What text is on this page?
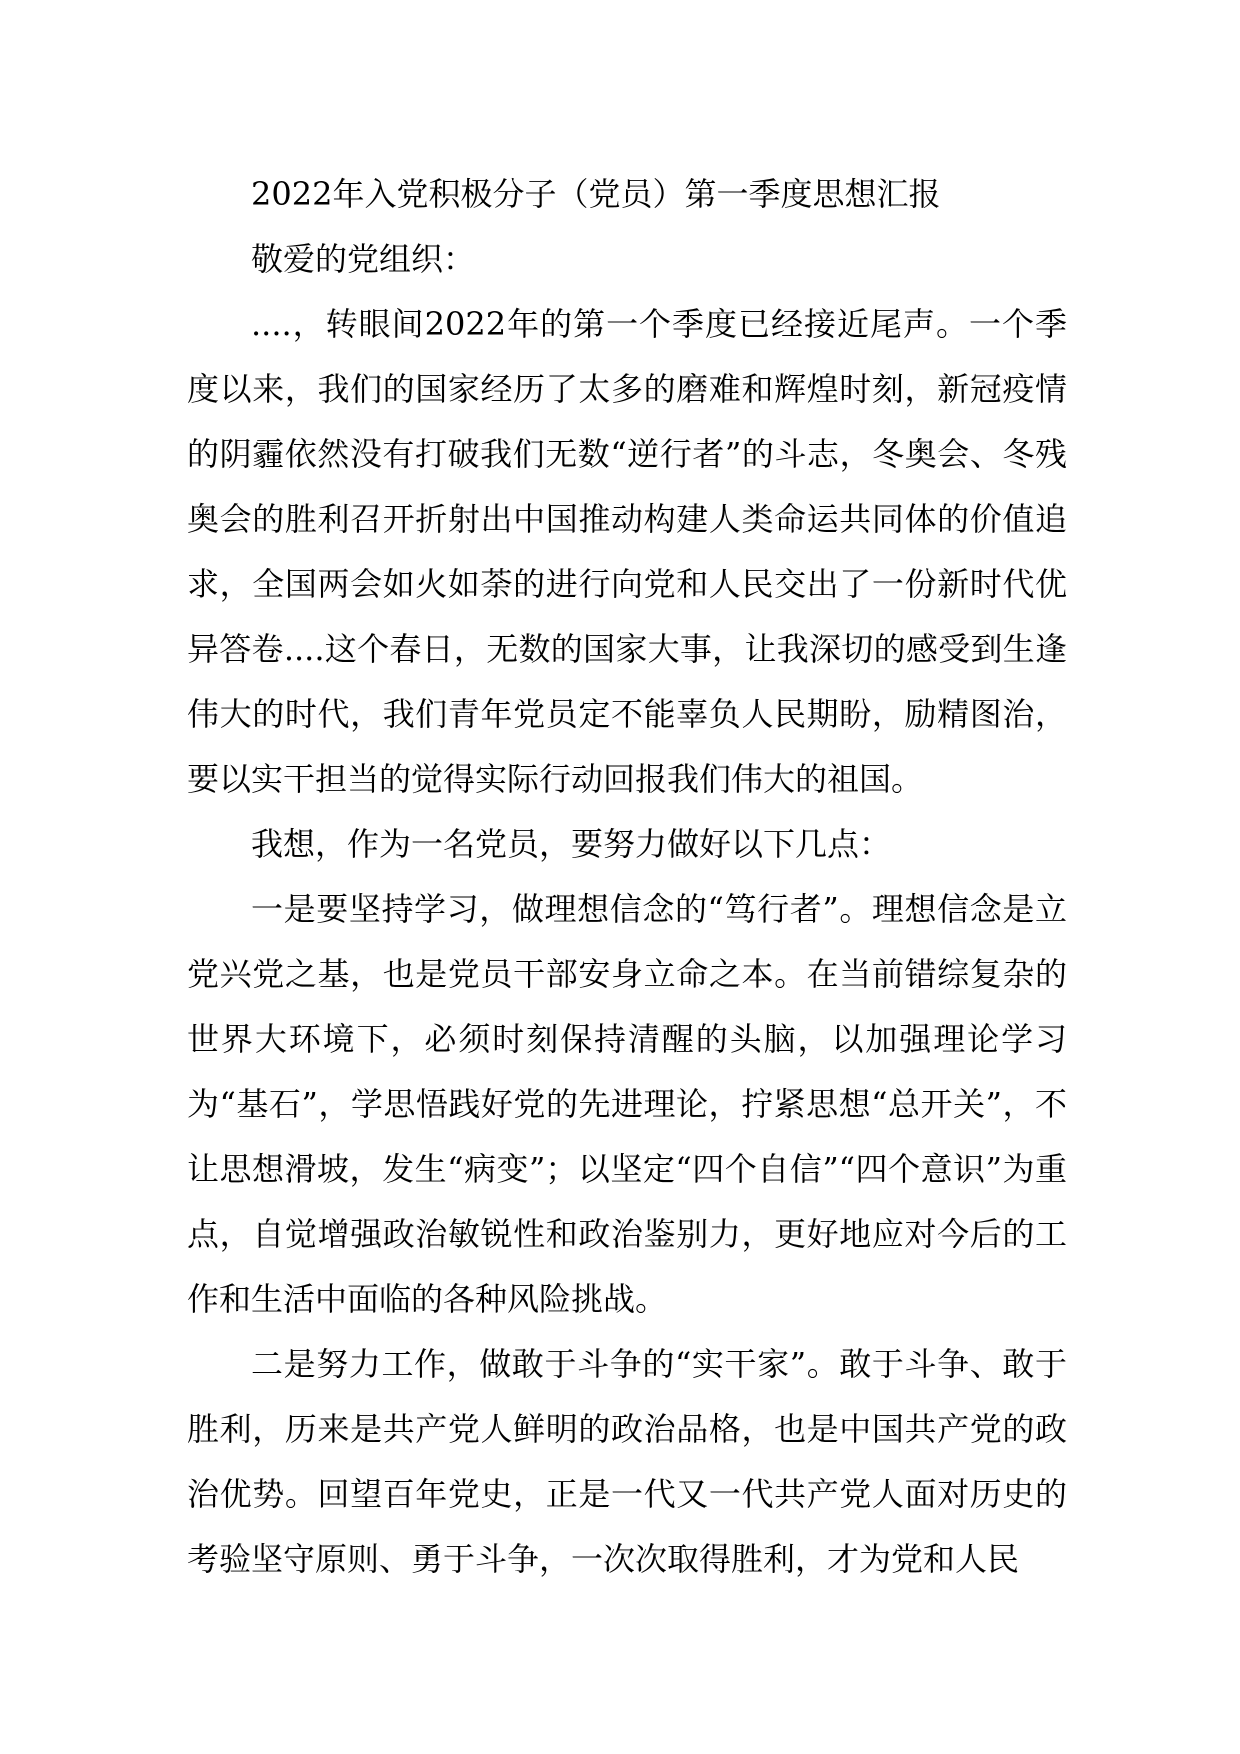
2022年入党积极分子（党员）第一季度思想汇报

敬爱的党组织：

....，转眼间2022年的第一个季度已经接近尾声。一个季度以来，我们的国家经历了太多的磨难和辉煌时刻，新冠疫情的阴霾依然没有打破我们无数“逆行者”的斗志，冬奥会、冬残奥会的胜利召开折射出中国推动构建人类命运共同体的价值追求，全国两会如火如荼的进行向党和人民交出了一份新时代优异答卷....这个春日，无数的国家大事，让我深切的感受到生逢伟大的时代，我们青年党员定不能辜负人民期盼，励精图治，要以实干担当的觉得实际行动回报我们伟大的祖国。

我想，作为一名党员，要努力做好以下几点：

一是要坚持学习，做理想信念的“笃行者”。理想信念是立党兴党之基，也是党员干部安身立命之本。在当前错综复杂的世界大环境下，必须时刻保持清醒的头脑，以加强理论学习为“基石”，学思悟践好党的先进理论，拧紧思想“总开关”，不让思想滑坡，发生“病变”；以坚定“四个自信”“四个意识”为重点，自觉增强政治敏锐性和政治鉴别力，更好地应对今后的工作和生活中面临的各种风险挑战。

二是努力工作，做敢于斗争的“实干家”。敢于斗争、敢于胜利，历来是共产党人鲜明的政治品格，也是中国共产党的政治优势。回望百年党史，正是一代又一代共产党人面对历史的考验坚守原则、勇于斗争，一次次取得胜利，才为党和人民
